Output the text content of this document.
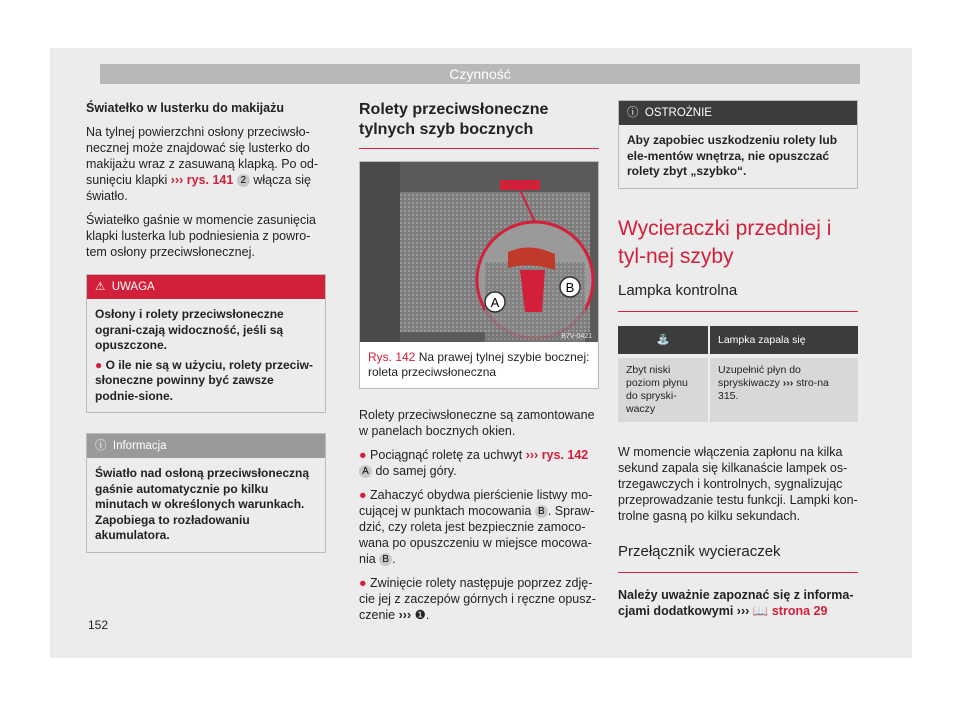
Czynność

Światełko w lusterku do makijażu

Na tylnej powierzchni osłony przeciwsło-necznej może znajdować się lusterko do makijażu wraz z zasuwaną klapką. Po od-sunięciu klapki ››› rys. 141 2 włącza się światło.

Światełko gaśnie w momencie zasunięcia klapki lusterka lub podniesienia z powro-tem osłony przeciwsłonecznej.

⚠  UWAGA
Osłony i rolety przeciwsłoneczne ograni-czają widoczność, jeśli są opuszczone.
● O ile nie są w użyciu, rolety przeciw-słoneczne powinny być zawsze podnie-sione.
ⓘ  Informacja
Światło nad osłoną przeciwsłoneczną gaśnie automatycznie po kilku minutach w określonych warunkach. Zapobiega to rozładowaniu akumulatora.
Rolety przeciwsłoneczne tylnych szyb bocznych
A
B
B7V-0421
Rys. 142 Na prawej tylnej szybie bocznej: roleta przeciwsłoneczna

Rolety przeciwsłoneczne są zamontowane w panelach bocznych okien.

● Pociągnąć roletę za uchwyt ››› rys. 142 A do samej góry.

● Zahaczyć obydwa pierścienie listwy mo-cującej w punktach mocowania B . Spraw-dzić, czy roleta jest bezpiecznie zamoco-wana po opuszczeniu w miejsce mocowa-nia B .

● Zwinięcie rolety następuje poprzez zdję-cie jej z zaczepów górnych i ręczne opusz-czenie ››› ❶.

ⓘ  OSTROŻNIE
Aby zapobiec uszkodzeniu rolety lub ele-mentów wnętrza, nie opuszczać rolety zbyt „szybko“.
Wycieraczki przedniej i tyl-nej szyby
Lampka kontrolna
⛲	Lampka zapala się
Zbyt niski poziom płynu do spryski-waczy	Uzupełnić płyn do spryskiwaczy ››› stro-na 315.

W momencie włączenia zapłonu na kilka sekund zapala się kilkanaście lampek os-trzegawczych i kontrolnych, sygnalizując przeprowadzanie testu funkcji. Lampki kon-trolne gasną po kilku sekundach.

Przełącznik wycieraczek

Należy uważnie zapoznać się z informa-cjami dodatkowymi ››› 📖 strona 29

152
